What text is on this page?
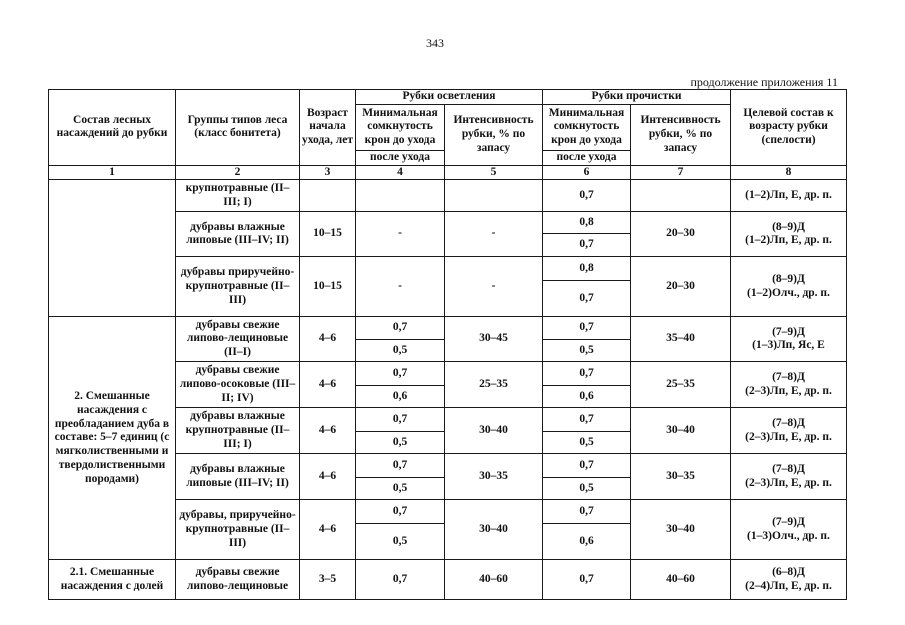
343
продолжение приложения 11
Состав лесных насаждений до рубки	Группы типов леса (класс бонитета)	Возраст начала ухода, лет	Рубки осветления		Рубки прочистки		Целевой состав к возрасту рубки (спелости)
			Минимальная сомкнутость крон до ухода	Интенсивность рубки, % по запасу	Минимальная сомкнутость крон до ухода	Интенсивность рубки, % по запасу	
			после ухода		после ухода		
1	2	3	4	5	6	7	8
	крупнотравные (II–III; I)				0,7		(1–2)Лп, Е, др. п.
	дубравы влажные липовые (III–IV; II)	10–15	-	-	0,8	20–30	(8–9)Д
(1–2)Лп, Е, др. п.

					0,7		
	дубравы приручейно-крупнотравные (II–III)	10–15	-	-	0,8	20–30	(8–9)Д
(1–2)Олч., др. п.

					0,7		
2. Смешанные насаждения с преобладанием дуба в составе: 5–7 единиц (с мягколиственными и твердолиственными породами)	дубравы свежие липово-лещиновые (II–I)	4–6	0,7	30–45	0,7	35–40	(7–9)Д
(1–3)Лп, Яс, Е

			0,5		0,5		
	дубравы свежие липово-осоковые (III–II; IV)	4–6	0,7	25–35	0,7	25–35	(7–8)Д
(2–3)Лп, Е, др. п.

			0,6		0,6		
	дубравы влажные крупнотравные (II–III; I)	4–6	0,7	30–40	0,7	30–40	(7–8)Д
(2–3)Лп, Е, др. п.

			0,5		0,5		
	дубравы влажные липовые (III–IV; II)	4–6	0,7	30–35	0,7	30–35	(7–8)Д
(2–3)Лп, Е, др. п.

			0,5		0,5		
	дубравы, приручейно-крупнотравные (II–III)	4–6	0,7	30–40	0,7	30–40	(7–9)Д
(1–3)Олч., др. п.

			0,5		0,6		
2.1. Смешанные насаждения с долей	дубравы свежие липово-лещиновые	3–5	0,7	40–60	0,7	40–60	(6–8)Д
(2–4)Лп, Е, др. п.
